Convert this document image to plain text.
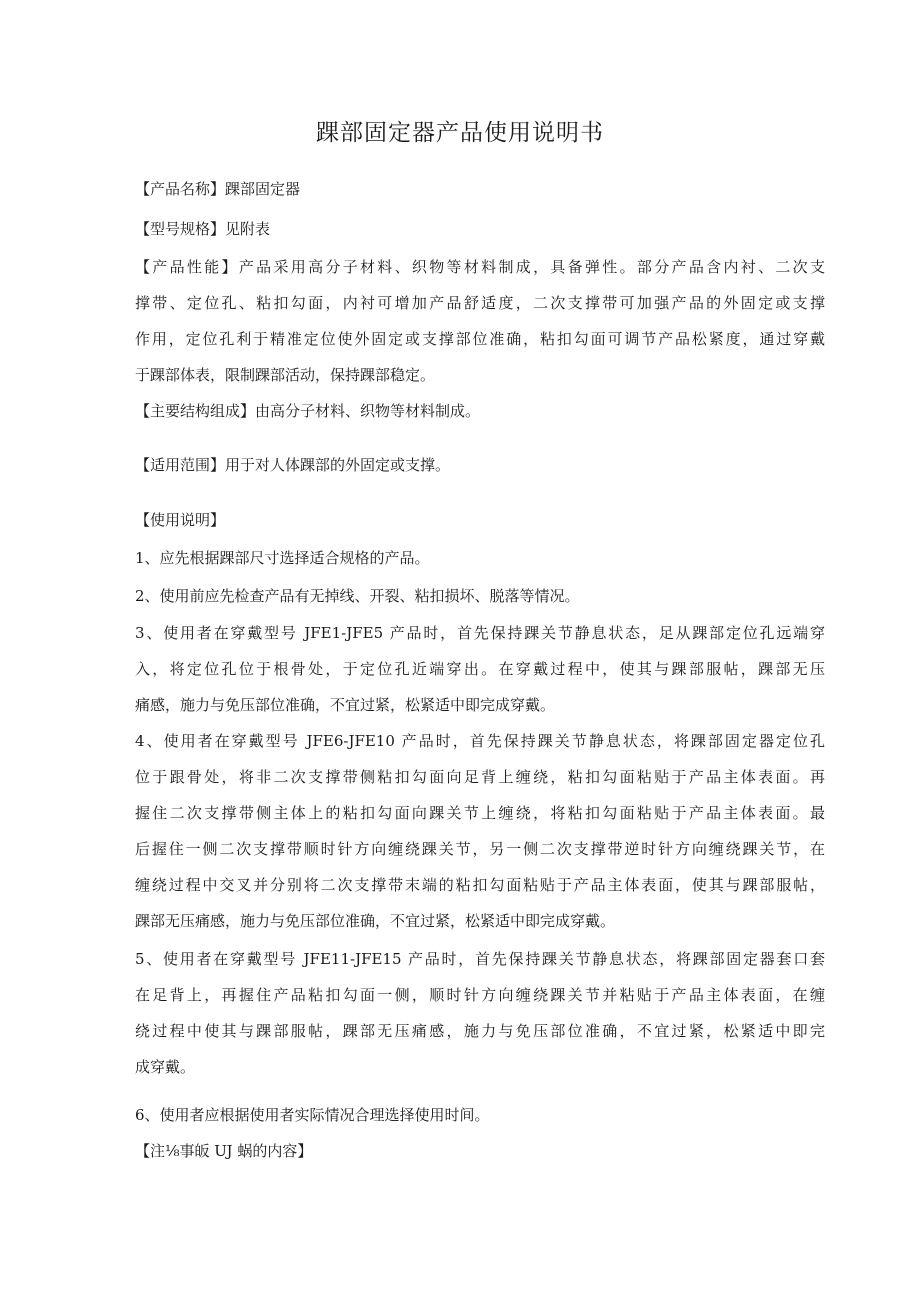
踝部固定器产品使用说明书

【产品名称】踝部固定器

【型号规格】见附表

【产品性能】产品采用高分子材料、织物等材料制成，具备弹性。部分产品含内衬、二次支

撑带、定位孔、粘扣勾面，内衬可增加产品舒适度，二次支撑带可加强产品的外固定或支撑

作用，定位孔利于精准定位使外固定或支撑部位准确，粘扣勾面可调节产品松紧度，通过穿戴

于踝部体表，限制踝部活动，保持踝部稳定。

【主要结构组成】由高分子材料、织物等材料制成。

【适用范围】用于对人体踝部的外固定或支撑。

【使用说明】

1、应先根据踝部尺寸选择适合规格的产品。

2、使用前应先检查产品有无掉线、开裂、粘扣损坏、脱落等情况。

3、使用者在穿戴型号 JFE1-JFE5 产品时，首先保持踝关节静息状态，足从踝部定位孔远端穿

入，将定位孔位于根骨处，于定位孔近端穿出。在穿戴过程中，使其与踝部服帖，踝部无压

痛感，施力与免压部位准确，不宜过紧，松紧适中即完成穿戴。

4、使用者在穿戴型号 JFE6-JFE10 产品时，首先保持踝关节静息状态，将踝部固定器定位孔

位于跟骨处，将非二次支撑带侧粘扣勾面向足背上缠绕，粘扣勾面粘贴于产品主体表面。再

握住二次支撑带侧主体上的粘扣勾面向踝关节上缠绕，将粘扣勾面粘贴于产品主体表面。最

后握住一侧二次支撑带顺时针方向缠绕踝关节，另一侧二次支撑带逆时针方向缠绕踝关节，在

缠绕过程中交叉并分别将二次支撑带末端的粘扣勾面粘贴于产品主体表面，使其与踝部服帖，

踝部无压痛感，施力与免压部位准确，不宜过紧，松紧适中即完成穿戴。

5、使用者在穿戴型号 JFE11-JFE15 产品时，首先保持踝关节静息状态，将踝部固定器套口套

在足背上，再握住产品粘扣勾面一侧，顺时针方向缠绕踝关节并粘贴于产品主体表面，在缠

绕过程中使其与踝部服帖，踝部无压痛感，施力与免压部位准确，不宜过紧，松紧适中即完

成穿戴。

6、使用者应根据使用者实际情况合理选择使用时间。

【注⅛事皈 UJ 蜗的内容】
